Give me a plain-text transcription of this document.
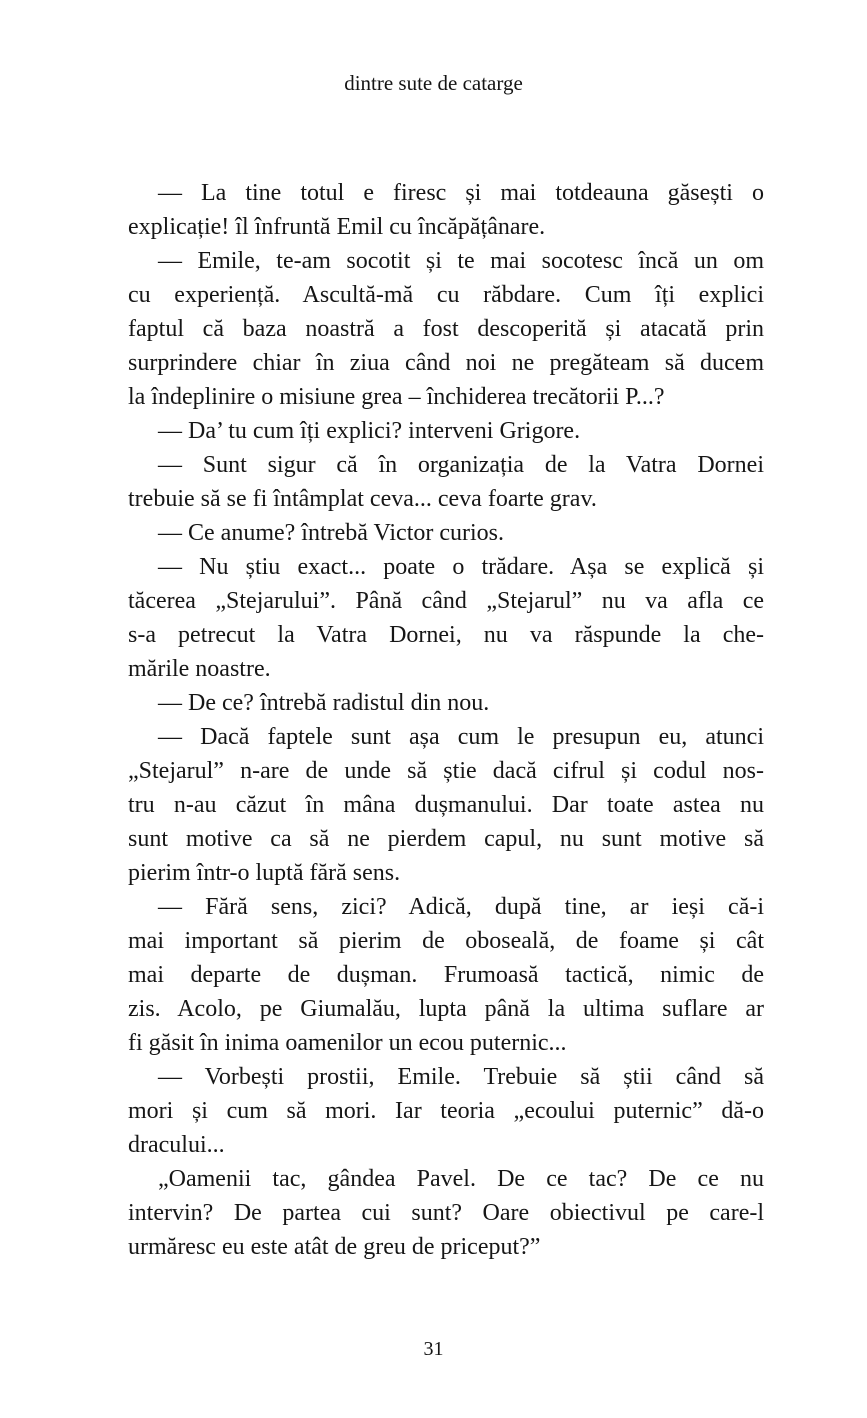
dintre sute de catarge
— La tine totul e firesc și mai totdeauna găsești o
explicație! îl înfruntă Emil cu încăpățânare.
— Emile, te-am socotit și te mai socotesc încă un om
cu experiență. Ascultă-mă cu răbdare. Cum îți explici
faptul că baza noastră a fost descoperită și atacată prin
surprindere chiar în ziua când noi ne pregăteam să ducem
la îndeplinire o misiune grea – închiderea trecătorii P...?
— Da’ tu cum îți explici? interveni Grigore.
— Sunt sigur că în organizația de la Vatra Dornei
trebuie să se fi întâmplat ceva... ceva foarte grav.
— Ce anume? întrebă Victor curios.
— Nu știu exact... poate o trădare. Așa se explică și
tăcerea „Stejarului”. Până când „Stejarul” nu va afla ce
s-a petrecut la Vatra Dornei, nu va răspunde la che-
mările noastre.
— De ce? întrebă radistul din nou.
— Dacă faptele sunt așa cum le presupun eu, atunci
„Stejarul” n-are de unde să știe dacă cifrul și codul nos-
tru n-au căzut în mâna dușmanului. Dar toate astea nu
sunt motive ca să ne pierdem capul, nu sunt motive să
pierim într-o luptă fără sens.
— Fără sens, zici? Adică, după tine, ar ieși că-i
mai important să pierim de oboseală, de foame și cât
mai departe de dușman. Frumoasă tactică, nimic de
zis. Acolo, pe Giumalău, lupta până la ultima suflare ar
fi găsit în inima oamenilor un ecou puternic...
— Vorbești prostii, Emile. Trebuie să știi când să
mori și cum să mori. Iar teoria „ecoului puternic” dă-o
dracului...
„Oamenii tac, gândea Pavel. De ce tac? De ce nu
intervin? De partea cui sunt? Oare obiectivul pe care-l
urmăresc eu este atât de greu de priceput?”
31
